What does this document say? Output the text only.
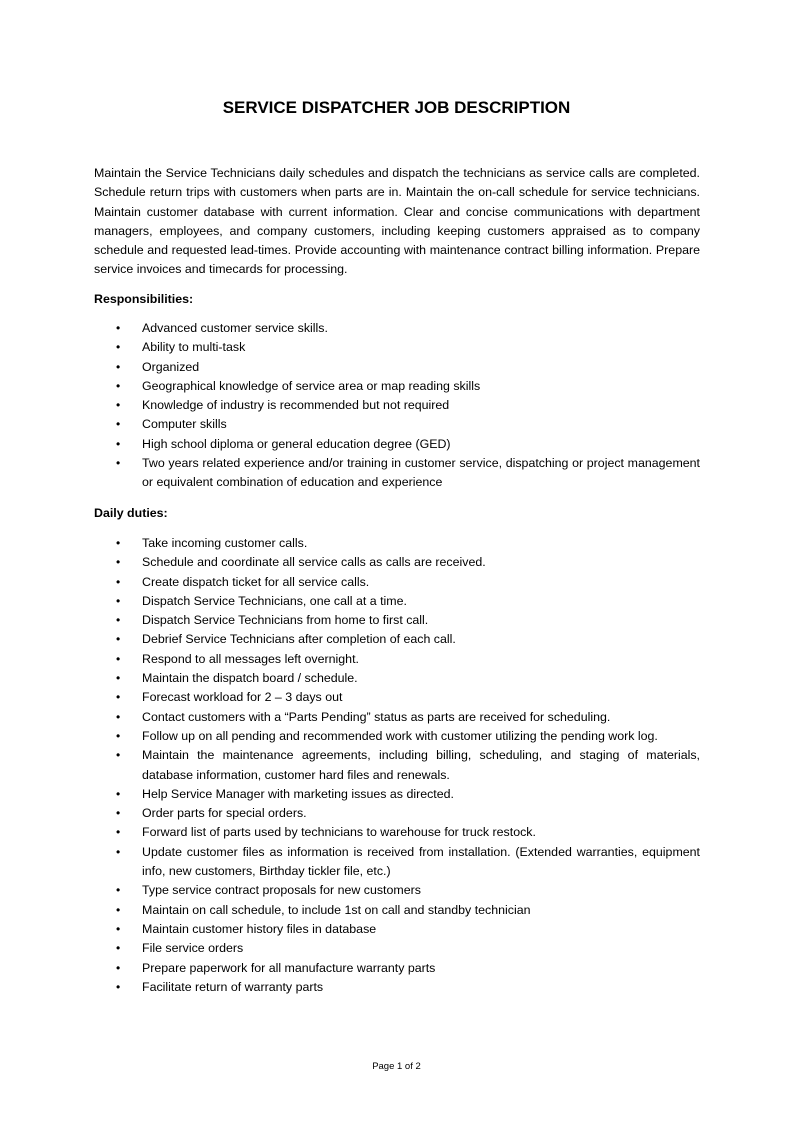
SERVICE DISPATCHER JOB DESCRIPTION

Maintain the Service Technicians daily schedules and dispatch the technicians as service calls are completed. Schedule return trips with customers when parts are in. Maintain the on-call schedule for service technicians. Maintain customer database with current information. Clear and concise communications with department managers, employees, and company customers, including keeping customers appraised as to company schedule and requested lead-times. Provide accounting with maintenance contract billing information. Prepare service invoices and timecards for processing.

Responsibilities:
• Advanced customer service skills.
• Ability to multi-task
• Organized
• Geographical knowledge of service area or map reading skills
• Knowledge of industry is recommended but not required
• Computer skills
• High school diploma or general education degree (GED)
• Two years related experience and/or training in customer service, dispatching or project management or equivalent combination of education and experience
Daily duties:
• Take incoming customer calls.
• Schedule and coordinate all service calls as calls are received.
• Create dispatch ticket for all service calls.
• Dispatch Service Technicians, one call at a time.
• Dispatch Service Technicians from home to first call.
• Debrief Service Technicians after completion of each call.
• Respond to all messages left overnight.
• Maintain the dispatch board / schedule.
• Forecast workload for 2 – 3 days out
• Contact customers with a “Parts Pending” status as parts are received for scheduling.
• Follow up on all pending and recommended work with customer utilizing the pending work log.
• Maintain the maintenance agreements, including billing, scheduling, and staging of materials, database information, customer hard files and renewals.
• Help Service Manager with marketing issues as directed.
• Order parts for special orders.
• Forward list of parts used by technicians to warehouse for truck restock.
• Update customer files as information is received from installation. (Extended warranties, equipment info, new customers, Birthday tickler file, etc.)
• Type service contract proposals for new customers
• Maintain on call schedule, to include 1st on call and standby technician
• Maintain customer history files in database
• File service orders
• Prepare paperwork for all manufacture warranty parts
• Facilitate return of warranty parts
Page 1 of 2
